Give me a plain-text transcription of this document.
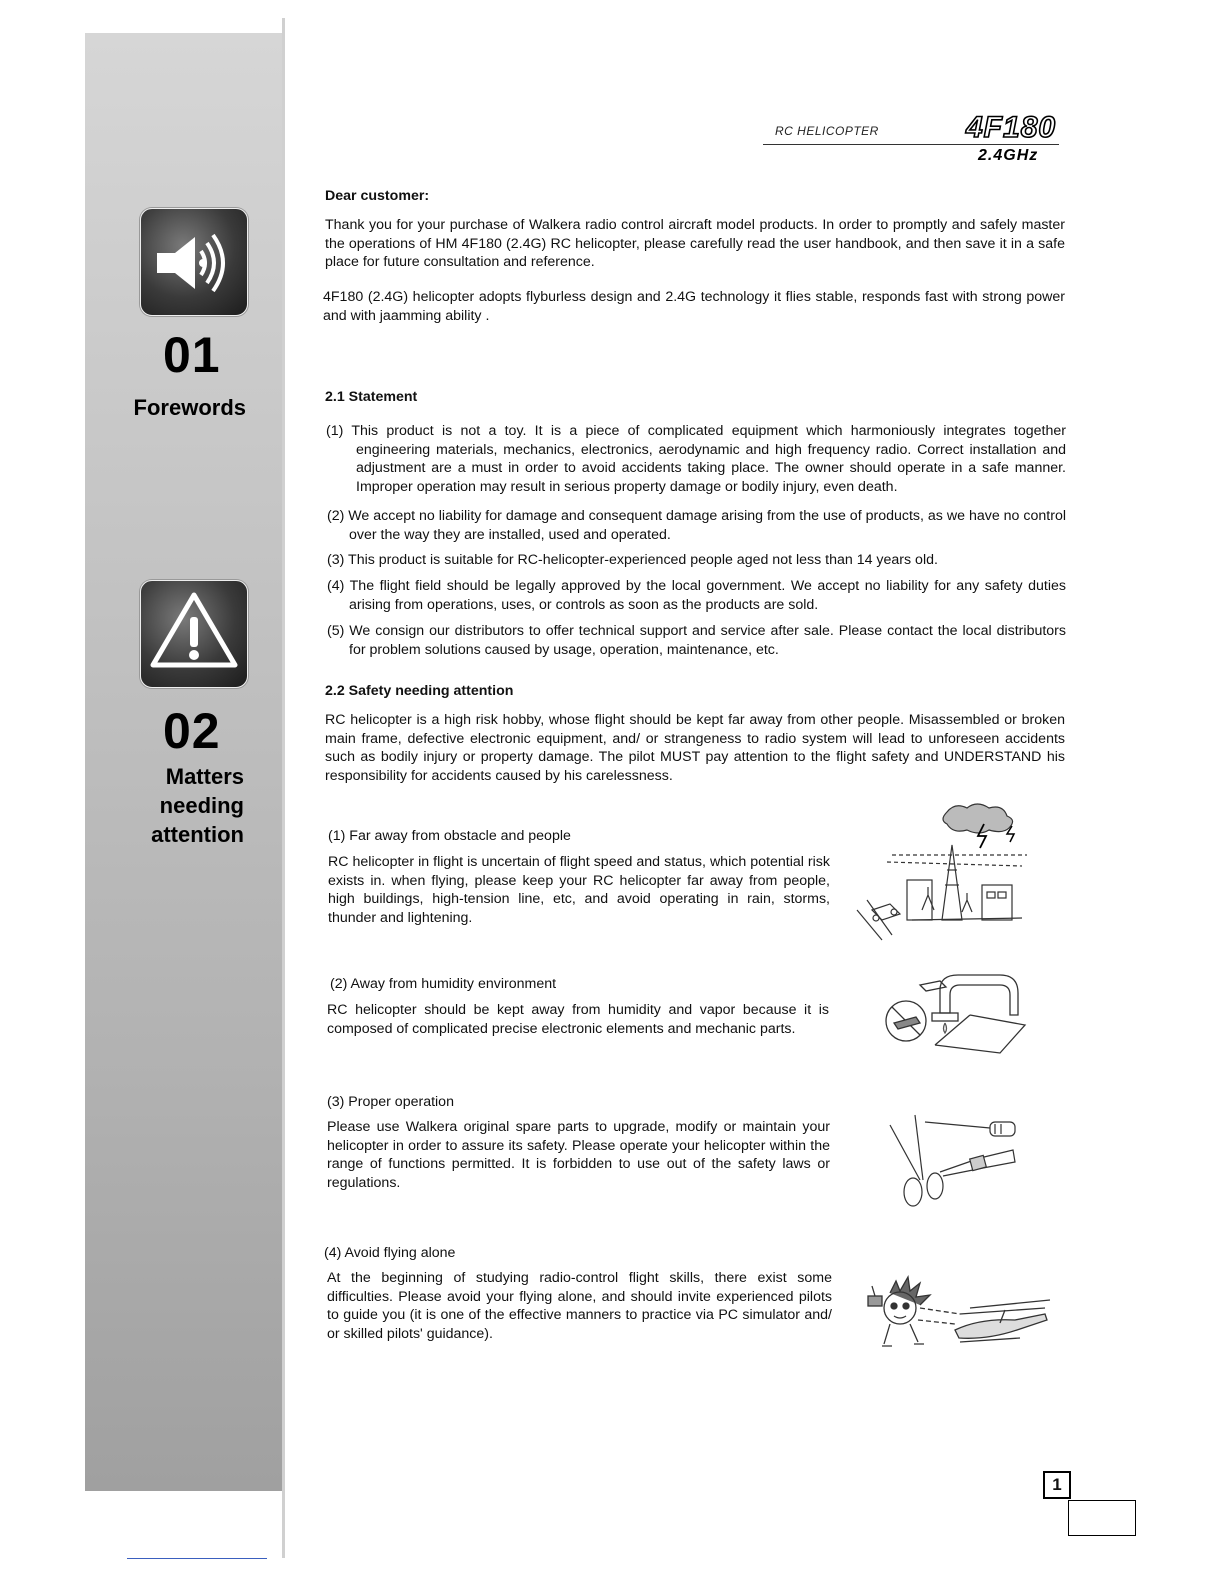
01
Forewords
02
Matters
needing
attention
RC HELICOPTER	4F180
2.4GHz
Dear customer:
Thank you for your purchase of Walkera radio control aircraft model products. In order to promptly and safely master the operations of HM 4F180 (2.4G) RC helicopter, please carefully read the user handbook, and then save it in a safe place for future consultation and reference.
4F180 (2.4G) helicopter adopts flyburless design and 2.4G technology it flies stable, responds fast with strong power and with jaamming ability .
2.1 Statement
(1) This product is not a toy. It is a piece of complicated equipment which harmoniously integrates together engineering materials, mechanics, electronics, aerodynamic and high frequency radio. Correct installation and adjustment are a must in order to avoid accidents taking place. The owner should operate in a safe manner. Improper operation may result in serious property damage or bodily injury, even death.
(2) We accept no liability for damage and consequent damage arising from the use of products, as we have no control over the way they are installed, used and operated.
(3) This product is suitable for RC-helicopter-experienced people aged not less than 14 years old.
(4) The flight field should be legally approved by the local government. We accept no liability for any safety duties arising from operations, uses, or controls as soon as the products are sold.
(5) We consign our distributors to offer technical support and service after sale. Please contact the local distributors for problem solutions caused by usage, operation, maintenance, etc.
2.2 Safety needing attention
RC helicopter is a high risk hobby, whose flight should be kept far away from other people. Misassembled or broken main frame, defective electronic equipment, and/ or strangeness to radio system will lead to unforeseen accidents such as bodily injury or property damage. The pilot MUST pay attention to the flight safety and UNDERSTAND his responsibility for accidents caused by his carelessness.
(1) Far away from obstacle and people
RC helicopter in flight is uncertain of flight speed and status, which potential risk exists in. when flying, please keep your RC helicopter far away from people, high buildings, high-tension line, etc, and avoid operating in rain, storms, thunder and lightening.
(2) Away from humidity environment
RC helicopter should be kept away from humidity and vapor because it is composed of complicated precise electronic elements and mechanic parts.
(3) Proper operation
Please use Walkera original spare parts to upgrade, modify or maintain your helicopter in order to assure its safety. Please operate your helicopter within the range of functions permitted. It is forbidden to use out of the safety laws or regulations.
(4) Avoid flying alone
At the beginning of studying radio-control flight skills, there exist some difficulties. Please avoid your flying alone, and should invite experienced pilots to guide you (it is one of the effective manners to practice via PC simulator and/ or skilled pilots' guidance).
1
